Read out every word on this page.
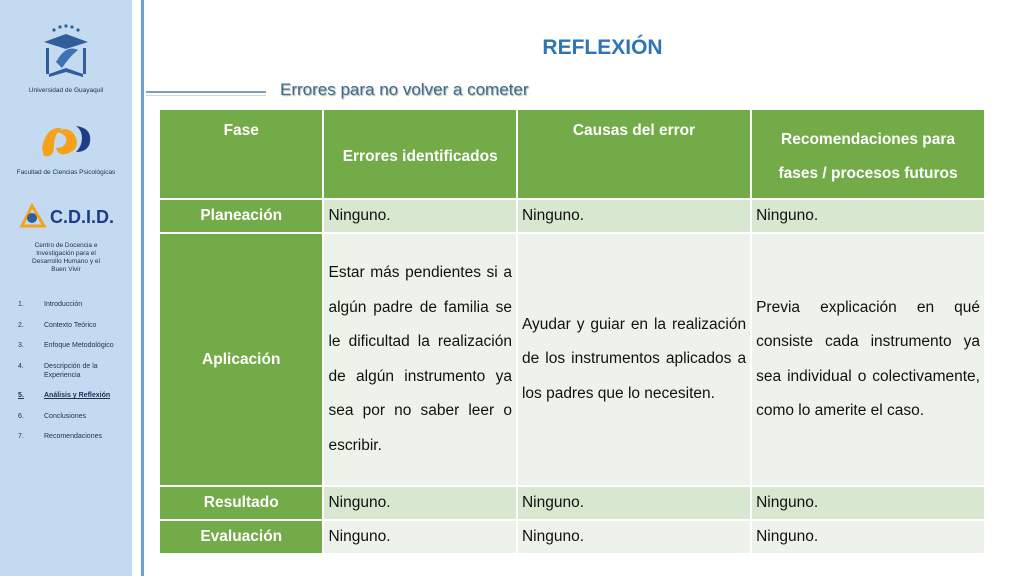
Universidad de Guayaquil
Facultad de Ciencias Psicológicas
C.D.I.D.
Centro de Docencia e Investigación para el Desarrollo Humano y el Buen Vivir
1.	Introducción
2.	Contexto Teórico
3.	Enfoque Metodológico
4.	Descripción de la Experiencia
5.	Análisis y Reflexión
6.	Conclusiones
7.	Recomendaciones
REFLEXIÓN
Errores para no volver a cometer
Fase	Errores identificados	Causas del error	Recomendaciones para fases / procesos futuros
Planeación	Ninguno.	Ninguno.	Ninguno.
Aplicación	Estar más pendientes si a algún padre de familia se le dificultad la realización de algún instrumento ya sea por no saber leer o escribir.	Ayudar y guiar en la realización de los instrumentos aplicados a los padres que lo necesiten.	Previa explicación en qué consiste cada instrumento ya sea individual o colectivamente, como lo amerite el caso.
Resultado	Ninguno.	Ninguno.	Ninguno.
Evaluación	Ninguno.	Ninguno.	Ninguno.
